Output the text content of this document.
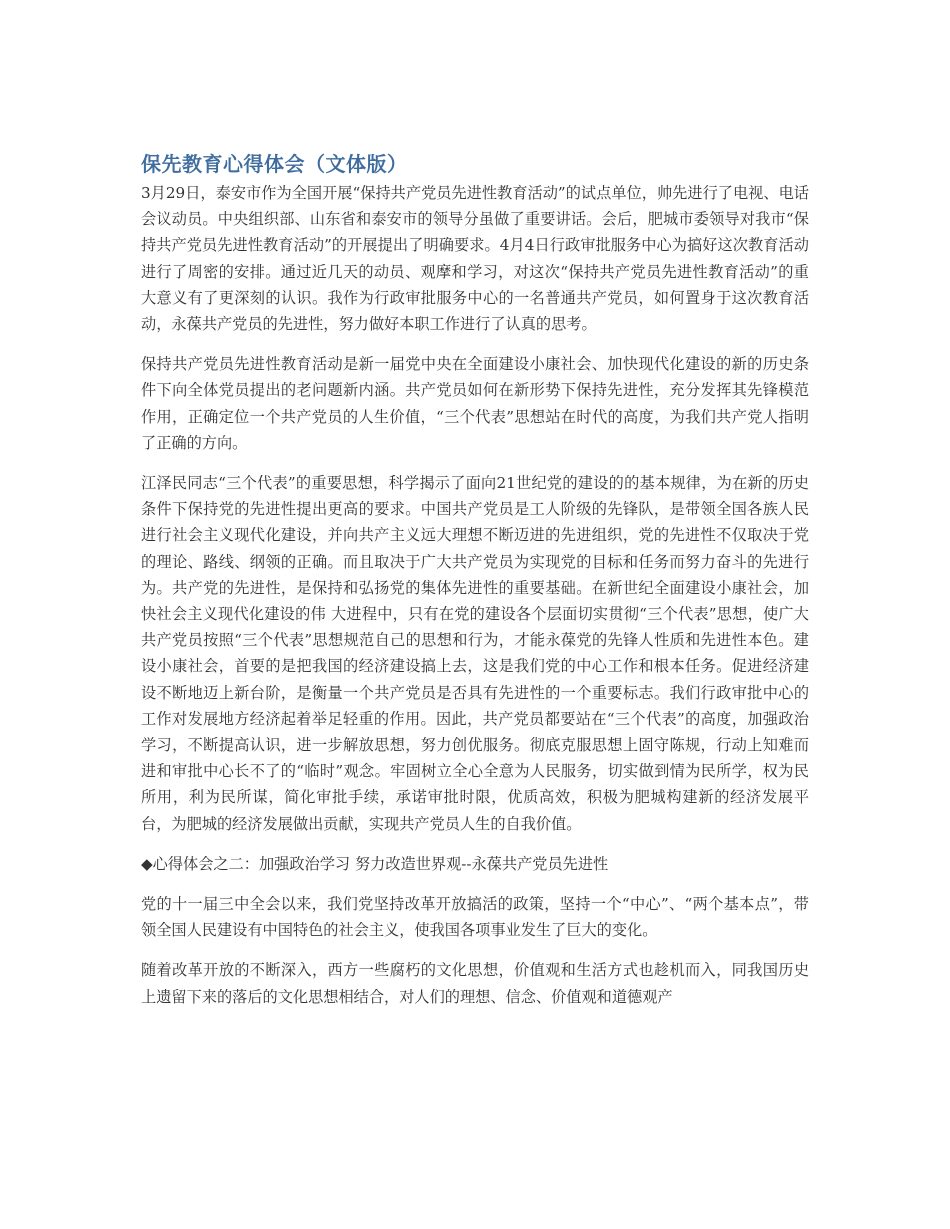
保先教育心得体会（文体版）

3月29日，泰安市作为全国开展“保持共产党员先进性教育活动”的试点单位，帅先进行了电视、电话会议动员。中央组织部、山东省和泰安市的领导分虽做了重要讲话。会后，肥城市委领导对我市“保持共产党员先进性教育活动”的开展提出了明确要求。4月4日行政审批服务中心为搞好这次教育活动进行了周密的安排。通过近几天的动员、观摩和学习，对这次“保持共产党员先进性教育活动”的重大意义有了更深刻的认识。我作为行政审批服务中心的一名普通共产党员，如何置身于这次教育活动，永葆共产党员的先进性，努力做好本职工作进行了认真的思考。

保持共产党员先进性教育活动是新一届党中央在全面建设小康社会、加快现代化建设的新的历史条件下向全体党员提出的老问题新内涵。共产党员如何在新形势下保持先进性，充分发挥其先锋模范作用，正确定位一个共产党员的人生价值，“三个代表”思想站在时代的高度，为我们共产党人指明了正确的方向。

江泽民同志“三个代表”的重要思想，科学揭示了面向21世纪党的建设的的基本规律，为在新的历史条件下保持党的先进性提出更高的要求。中国共产党员是工人阶级的先锋队，是带领全国各族人民进行社会主义现代化建设，并向共产主义远大理想不断迈进的先进组织，党的先进性不仅取决于党的理论、路线、纲领的正确。而且取决于广大共产党员为实现党的目标和任务而努力奋斗的先进行为。共产党的先进性，是保持和弘扬党的集体先进性的重要基础。在新世纪全面建设小康社会，加快社会主义现代化建设的伟 大进程中，只有在党的建设各个层面切实贯彻“三个代表”思想，使广大共产党员按照“三个代表”思想规范自己的思想和行为，才能永葆党的先锋人性质和先进性本色。建设小康社会，首要的是把我国的经济建设搞上去，这是我们党的中心工作和根本任务。促进经济建设不断地迈上新台阶，是衡量一个共产党员是否具有先进性的一个重要标志。我们行政审批中心的工作对发展地方经济起着举足轻重的作用。因此，共产党员都要站在“三个代表”的高度，加强政治学习，不断提高认识，进一步解放思想，努力创优服务。彻底克服思想上固守陈规，行动上知难而进和审批中心长不了的“临时”观念。牢固树立全心全意为人民服务，切实做到情为民所学，权为民所用，利为民所谋，简化审批手续，承诺审批时限，优质高效，积极为肥城构建新的经济发展平台，为肥城的经济发展做出贡献，实现共产党员人生的自我价值。

◆心得体会之二：加强政治学习 努力改造世界观--永葆共产党员先进性

党的十一届三中全会以来，我们党坚持改革开放搞活的政策，坚持一个“中心”、“两个基本点”，带领全国人民建设有中国特色的社会主义，使我国各项事业发生了巨大的变化。

随着改革开放的不断深入，西方一些腐朽的文化思想，价值观和生活方式也趁机而入，同我国历史上遗留下来的落后的文化思想相结合，对人们的理想、信念、价值观和道德观产
